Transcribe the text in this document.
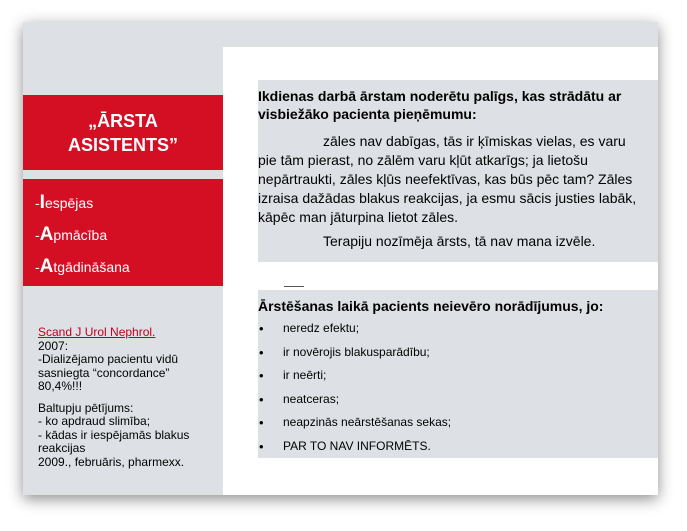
„ĀRSTA
ASISTENTS”
-Iespējas
-Apmācība
-Atgādināšana

Scand J Urol Nephrol.

2007:

-Dializējamo pacientu vidū sasniegta “concordance” 80,4%!!!

Baltupju pētījums:

- ko apdraud slimība;

- kādas ir iespējamās blakus reakcijas

2009., februāris, pharmexx.

Ikdienas darbā ārstam noderētu palīgs, kas strādātu ar visbiežāko pacienta pieņēmumu:
zāles nav dabīgas, tās ir ķīmiskas vielas, es varu pie tām pierast, no zālēm varu kļūt atkarīgs; ja lietošu nepārtraukti, zāles kļūs neefektīvas, kas būs pēc tam? Zāles izraisa dažādas blakus reakcijas, ja esmu sācis justies labāk, kāpēc man jāturpina lietot zāles.
Terapiju nozīmēja ārsts, tā nav mana izvēle.
Ārstēšanas laikā pacients neievēro norādījumus, jo:
• neredz efektu;
• ir novērojis blakusparādību;
• ir neērti;
• neatceras;
• neapzinās neārstēšanas sekas;
• PAR TO NAV INFORMĒTS.
